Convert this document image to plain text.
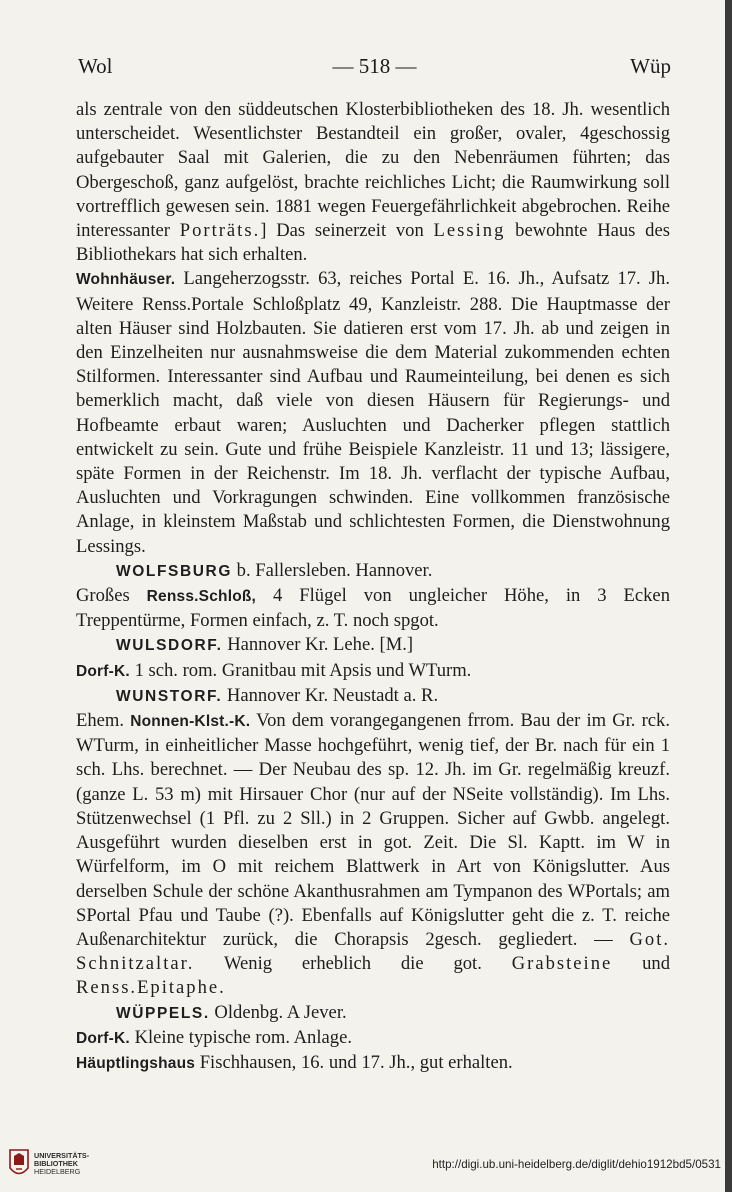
Wol	— 518 —	Wüp

als zentrale von den süddeutschen Klosterbibliotheken des 18. Jh. wesentlich unterscheidet. Wesentlichster Bestandteil ein großer, ovaler, 4geschossig aufgebauter Saal mit Galerien, die zu den Nebenräumen führten; das Obergeschoß, ganz aufgelöst, brachte reichliches Licht; die Raumwirkung soll vortrefflich gewesen sein. 1881 wegen Feuergefährlichkeit abgebrochen. Reihe interessanter Porträts.] Das seinerzeit von Lessing bewohnte Haus des Bibliothekars hat sich erhalten.

Wohnhäuser. Langeherzogsstr. 63, reiches Portal E. 16. Jh., Aufsatz 17. Jh. Weitere Renss.Portale Schloßplatz 49, Kanzleistr. 288. Die Hauptmasse der alten Häuser sind Holzbauten. Sie datieren erst vom 17. Jh. ab und zeigen in den Einzelheiten nur ausnahmsweise die dem Material zukommenden echten Stilformen. Interessanter sind Aufbau und Raumeinteilung, bei denen es sich bemerklich macht, daß viele von diesen Häusern für Regierungs- und Hofbeamte erbaut waren; Ausluchten und Dacherker pflegen stattlich entwickelt zu sein. Gute und frühe Beispiele Kanzleistr. 11 und 13; lässigere, späte Formen in der Reichenstr. Im 18. Jh. verflacht der typische Aufbau, Ausluchten und Vorkragungen schwinden. Eine vollkommen französische Anlage, in kleinstem Maßstab und schlichtesten Formen, die Dienstwohnung Lessings.

WOLFSBURG b. Fallersleben. Hannover.

Großes Renss.Schloß, 4 Flügel von ungleicher Höhe, in 3 Ecken Treppentürme, Formen einfach, z. T. noch spgot.

WULSDORF. Hannover Kr. Lehe. [M.]

Dorf-K. 1 sch. rom. Granitbau mit Apsis und WTurm.

WUNSTORF. Hannover Kr. Neustadt a. R.

Ehem. Nonnen-Klst.-K. Von dem vorangegangenen frrom. Bau der im Gr. rck. WTurm, in einheitlicher Masse hochgeführt, wenig tief, der Br. nach für ein 1 sch. Lhs. berechnet. — Der Neubau des sp. 12. Jh. im Gr. regelmäßig kreuzf. (ganze L. 53 m) mit Hirsauer Chor (nur auf der NSeite vollständig). Im Lhs. Stützenwechsel (1 Pfl. zu 2 Sll.) in 2 Gruppen. Sicher auf Gwbb. angelegt. Ausgeführt wurden dieselben erst in got. Zeit. Die Sl. Kaptt. im W in Würfelform, im O mit reichem Blattwerk in Art von Königslutter. Aus derselben Schule der schöne Akanthusrahmen am Tympanon des WPortals; am SPortal Pfau und Taube (?). Ebenfalls auf Königslutter geht die z. T. reiche Außenarchitektur zurück, die Chorapsis 2gesch. gegliedert. — Got. Schnitzaltar. Wenig erheblich die got. Grabsteine und Renss.Epitaphe.

WÜPPELS. Oldenbg. A Jever.

Dorf-K. Kleine typische rom. Anlage.

Häuptlingshaus Fischhausen, 16. und 17. Jh., gut erhalten.

UNIVERSITÄTS-
BIBLIOTHEK
HEIDELBERG
http://digi.ub.uni-heidelberg.de/diglit/dehio1912bd5/0531
